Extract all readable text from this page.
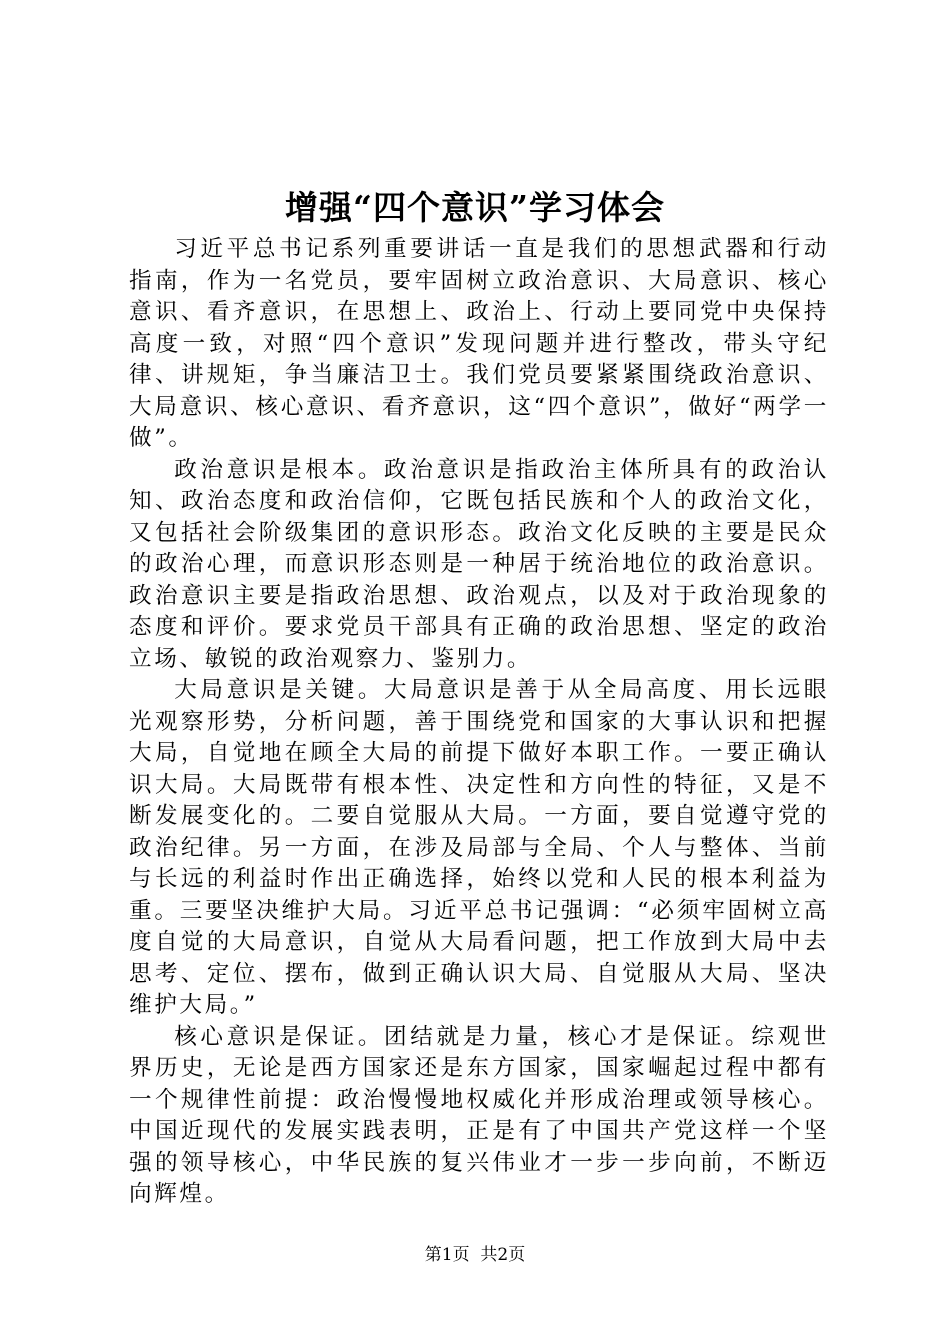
增强“四个意识”学习体会

习近平总书记系列重要讲话一直是我们的思想武器和行动指南，作为一名党员，要牢固树立政治意识、大局意识、核心意识、看齐意识，在思想上、政治上、行动上要同党中央保持高度一致，对照“四个意识”发现问题并进行整改，带头守纪律、讲规矩，争当廉洁卫士。我们党员要紧紧围绕政治意识、大局意识、核心意识、看齐意识，这“四个意识”，做好“两学一做”。

政治意识是根本。政治意识是指政治主体所具有的政治认知、政治态度和政治信仰，它既包括民族和个人的政治文化，又包括社会阶级集团的意识形态。政治文化反映的主要是民众的政治心理，而意识形态则是一种居于统治地位的政治意识。政治意识主要是指政治思想、政治观点，以及对于政治现象的态度和评价。要求党员干部具有正确的政治思想、坚定的政治立场、敏锐的政治观察力、鉴别力。

大局意识是关键。大局意识是善于从全局高度、用长远眼光观察形势，分析问题，善于围绕党和国家的大事认识和把握大局，自觉地在顾全大局的前提下做好本职工作。一要正确认识大局。大局既带有根本性、决定性和方向性的特征，又是不断发展变化的。二要自觉服从大局。一方面，要自觉遵守党的政治纪律。另一方面，在涉及局部与全局、个人与整体、当前与长远的利益时作出正确选择，始终以党和人民的根本利益为重。三要坚决维护大局。习近平总书记强调：“必须牢固树立高度自觉的大局意识，自觉从大局看问题，把工作放到大局中去思考、定位、摆布，做到正确认识大局、自觉服从大局、坚决维护大局。”

核心意识是保证。团结就是力量，核心才是保证。综观世界历史，无论是西方国家还是东方国家，国家崛起过程中都有一个规律性前提：政治慢慢地权威化并形成治理或领导核心。中国近现代的发展实践表明，正是有了中国共产党这样一个坚强的领导核心，中华民族的复兴伟业才一步一步向前，不断迈向辉煌。

第1页  共2页
